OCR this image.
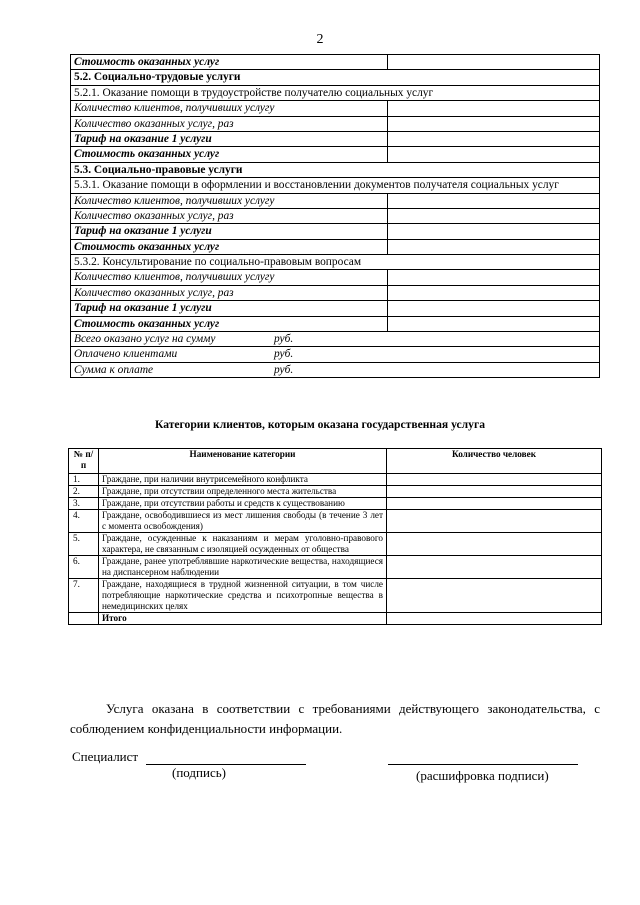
2
Стоимость оказанных услуг	
5.2. Социально-трудовые услуги	
5.2.1. Оказание помощи в трудоустройстве получателю социальных услуг	
Количество клиентов, получивших услугу	
Количество оказанных услуг, раз	
Тариф на оказание 1 услуги	
Стоимость оказанных услуг	
5.3. Социально-правовые услуги	
5.3.1. Оказание помощи в оформлении и восстановлении документов получателя социальных услуг	
Количество клиентов, получивших услугу	
Количество оказанных услуг, раз	
Тариф на оказание 1 услуги	
Стоимость оказанных услуг	
5.3.2. Консультирование по социально-правовым вопросам	
Количество клиентов, получивших услугу	
Количество оказанных услуг, раз	
Тариф на оказание 1 услуги	
Стоимость оказанных услуг	
Всего оказано услуг на сумму руб.	
Оплачено клиентами руб.	
Сумма к оплате руб.	
Категории клиентов, которым оказана государственная услуга
№ п/п	Наименование категории	Количество человек
1.	Граждане, при наличии внутрисемейного конфликта	
2.	Граждане, при отсутствии определенного места жительства	
3.	Граждане, при отсутствии работы и средств к существованию	
4.	Граждане, освободившиеся из мест лишения свободы (в течение 3 лет с момента освобождения)	
5.	Граждане, осужденные к наказаниям и мерам уголовно-правового характера, не связанным с изоляцией осужденных от общества	
6.	Граждане, ранее употреблявшие наркотические вещества, находящиеся на диспансерном наблюдении	
7.	Граждане, находящиеся в трудной жизненной ситуации, в том числе потребляющие наркотические средства и психотропные вещества в немедицинских целях	
	Итого	
Услуга оказана в соответствии с требованиями действующего законодательства, с соблюдением конфиденциальности информации.
Специалист
(подпись)	(расшифровка подписи)
